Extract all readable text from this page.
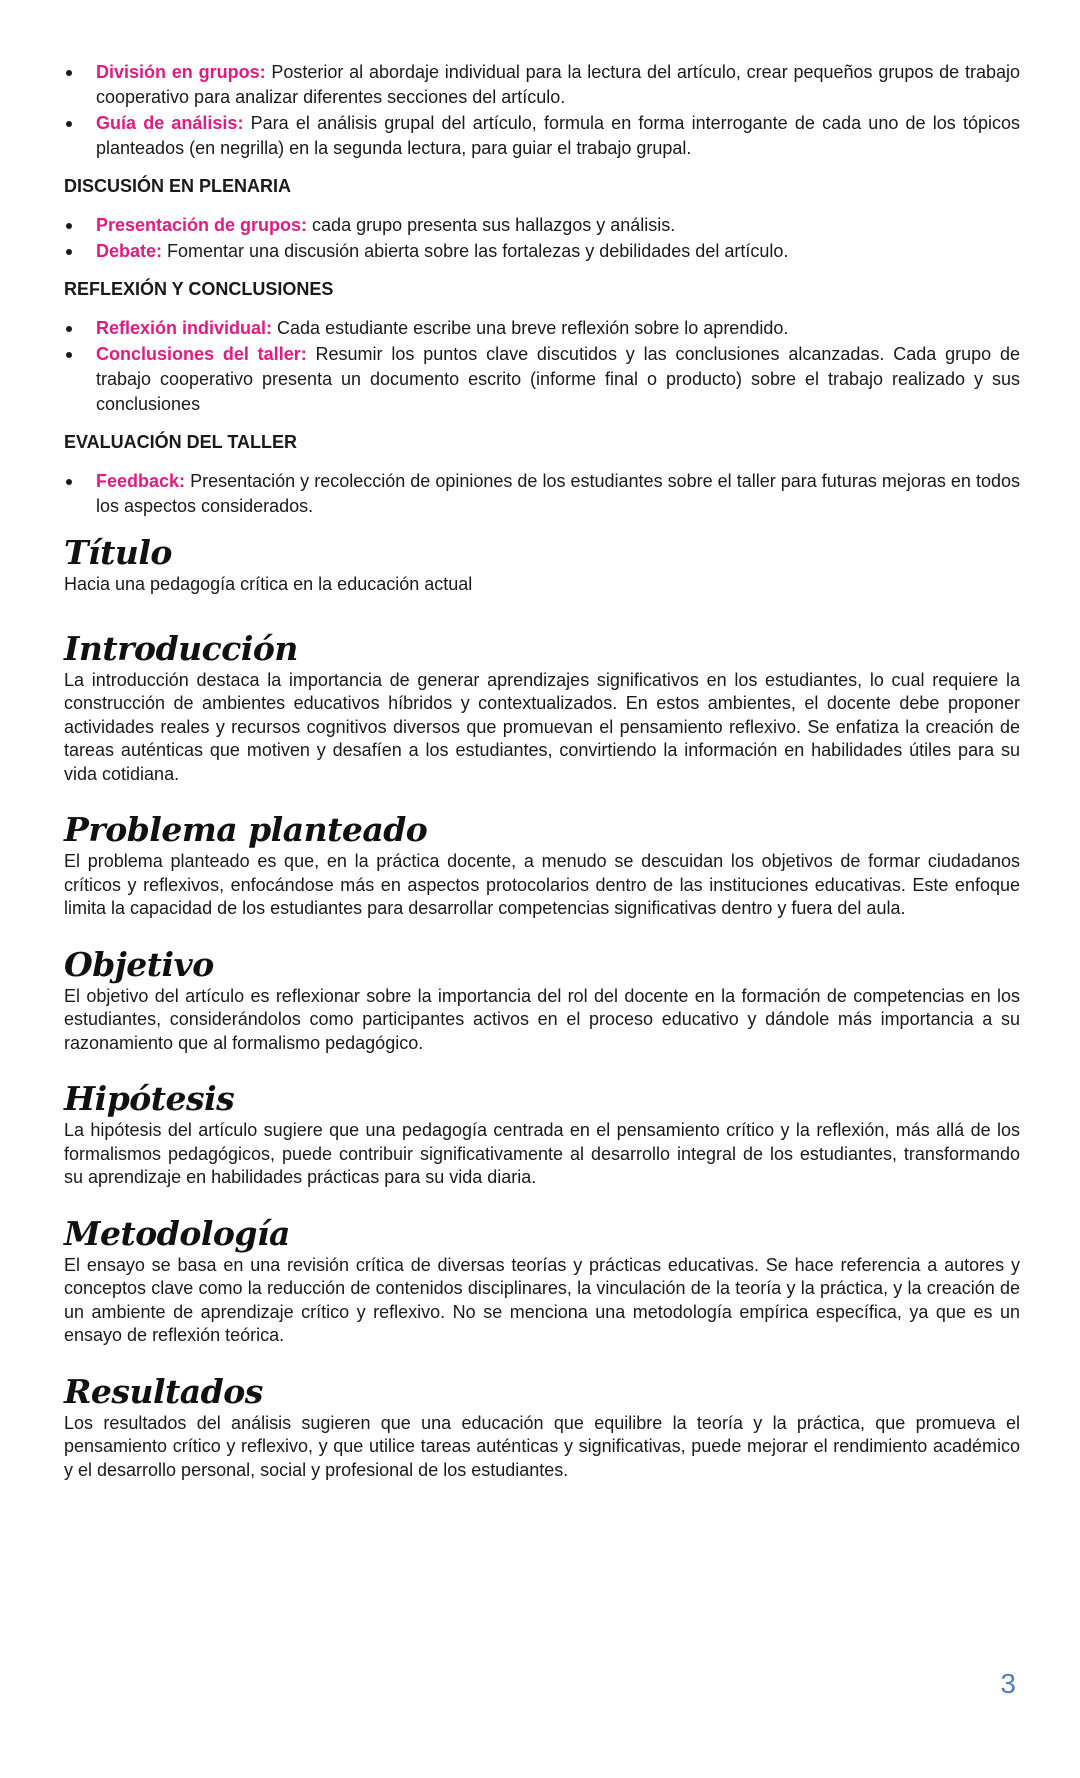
División en grupos: Posterior al abordaje individual para la lectura del artículo, crear pequeños grupos de trabajo cooperativo para analizar diferentes secciones del artículo.
Guía de análisis: Para el análisis grupal del artículo, formula en forma interrogante de cada uno de los tópicos planteados (en negrilla) en la segunda lectura, para guiar el trabajo grupal.
DISCUSIÓN EN PLENARIA
Presentación de grupos: cada grupo presenta sus hallazgos y análisis.
Debate: Fomentar una discusión abierta sobre las fortalezas y debilidades del artículo.
REFLEXIÓN Y CONCLUSIONES
Reflexión individual: Cada estudiante escribe una breve reflexión sobre lo aprendido.
Conclusiones del taller: Resumir los puntos clave discutidos y las conclusiones alcanzadas. Cada grupo de trabajo cooperativo presenta un documento escrito (informe final o producto) sobre el trabajo realizado y sus conclusiones
EVALUACIÓN DEL TALLER
Feedback: Presentación y recolección de opiniones de los estudiantes sobre el taller para futuras mejoras en todos los aspectos considerados.
Título

Hacia una pedagogía crítica en la educación actual

Introducción

La introducción destaca la importancia de generar aprendizajes significativos en los estudiantes, lo cual requiere la construcción de ambientes educativos híbridos y contextualizados. En estos ambientes, el docente debe proponer actividades reales y recursos cognitivos diversos que promuevan el pensamiento reflexivo. Se enfatiza la creación de tareas auténticas que motiven y desafíen a los estudiantes, convirtiendo la información en habilidades útiles para su vida cotidiana.

Problema planteado

El problema planteado es que, en la práctica docente, a menudo se descuidan los objetivos de formar ciudadanos críticos y reflexivos, enfocándose más en aspectos protocolarios dentro de las instituciones educativas. Este enfoque limita la capacidad de los estudiantes para desarrollar competencias significativas dentro y fuera del aula.

Objetivo

El objetivo del artículo es reflexionar sobre la importancia del rol del docente en la formación de competencias en los estudiantes, considerándolos como participantes activos en el proceso educativo y dándole más importancia a su razonamiento que al formalismo pedagógico.

Hipótesis

La hipótesis del artículo sugiere que una pedagogía centrada en el pensamiento crítico y la reflexión, más allá de los formalismos pedagógicos, puede contribuir significativamente al desarrollo integral de los estudiantes, transformando su aprendizaje en habilidades prácticas para su vida diaria.

Metodología

El ensayo se basa en una revisión crítica de diversas teorías y prácticas educativas. Se hace referencia a autores y conceptos clave como la reducción de contenidos disciplinares, la vinculación de la teoría y la práctica, y la creación de un ambiente de aprendizaje crítico y reflexivo. No se menciona una metodología empírica específica, ya que es un ensayo de reflexión teórica.

Resultados

Los resultados del análisis sugieren que una educación que equilibre la teoría y la práctica, que promueva el pensamiento crítico y reflexivo, y que utilice tareas auténticas y significativas, puede mejorar el rendimiento académico y el desarrollo personal, social y profesional de los estudiantes.

3
